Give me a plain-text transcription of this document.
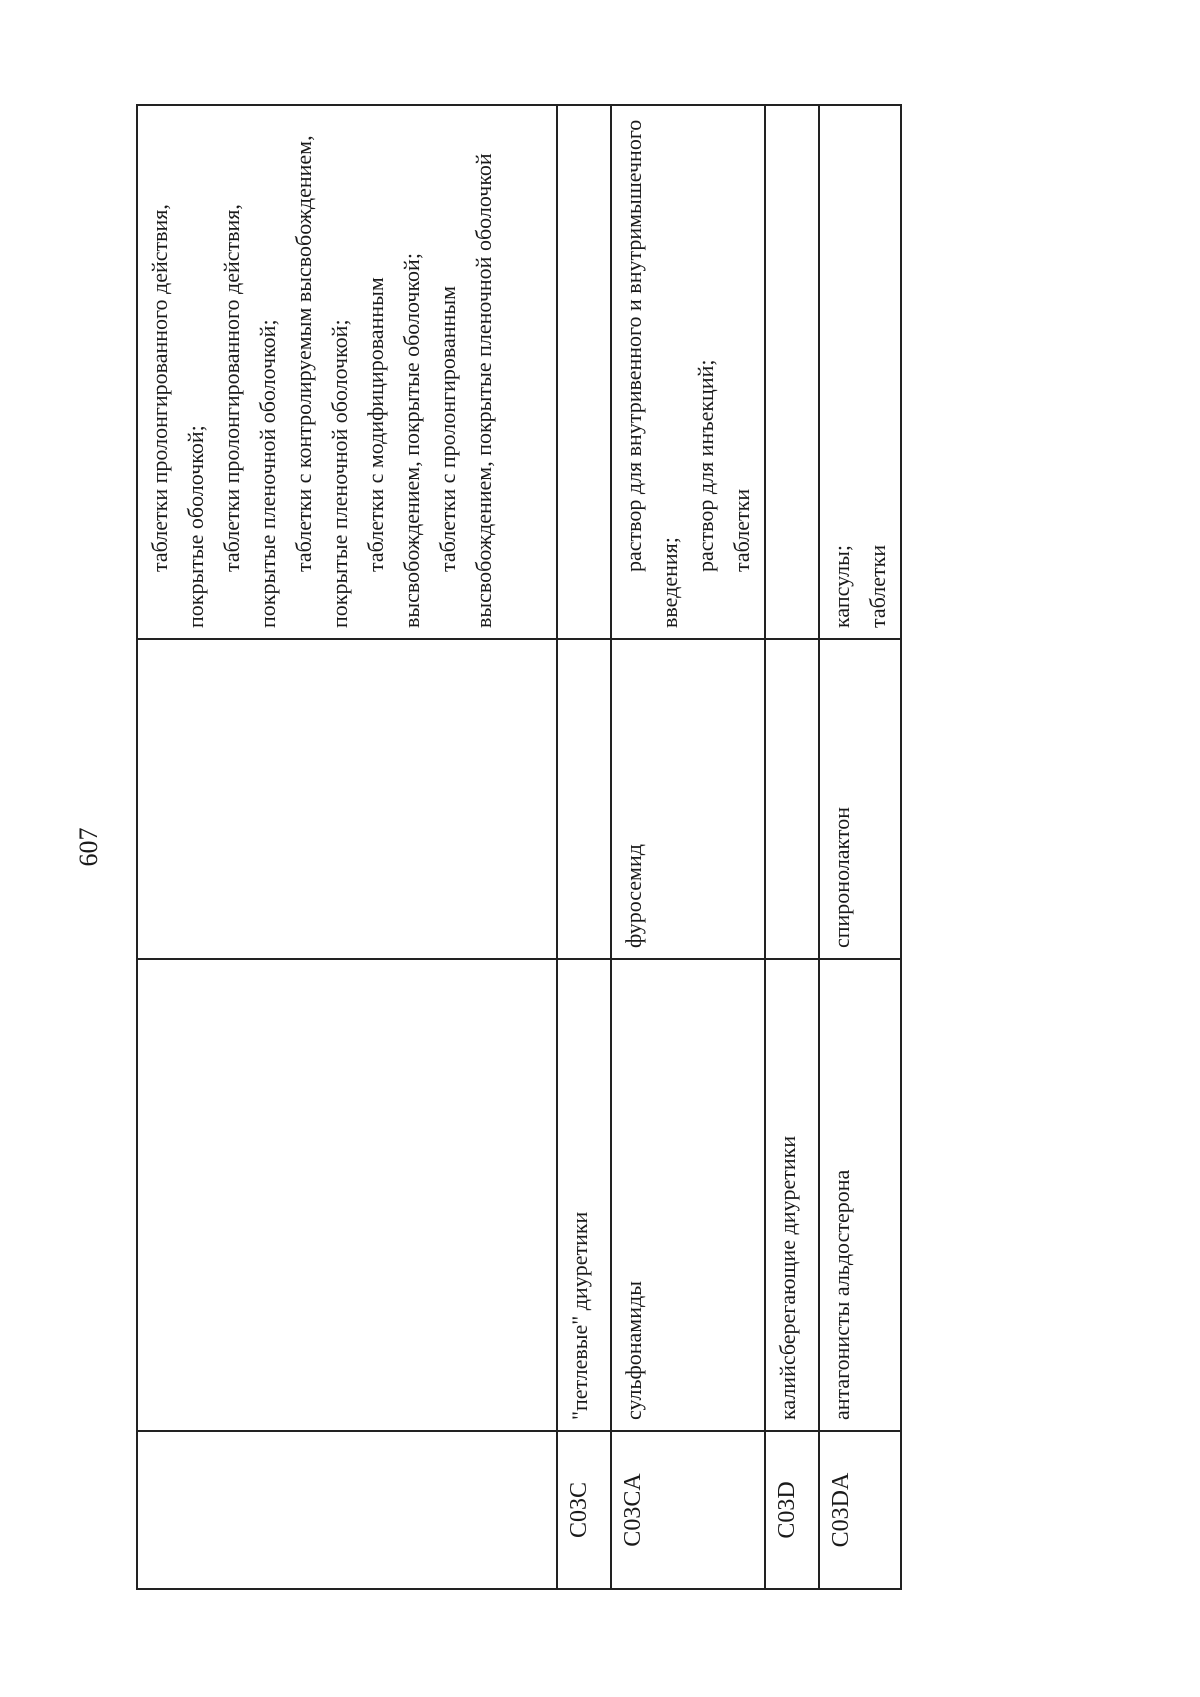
607

			таблетки пролонгированного действия, покрытые оболочкой; таблетки пролонгированного действия, покрытые пленочной оболочкой; таблетки с контролируемым высвобождением, покрытые пленочной оболочкой; таблетки с модифицированным высвобождением, покрытые оболочкой; таблетки с пролонгированным высвобождением, покрытые пленочной оболочкой

C03C	"петлевые" диуретики		
C03CA	сульфонамиды	фуросемид	раствор для внутривенного и внутримышечного введения;
раствор для инъекций; таблетки

C03D	калийсберегающие диуретики		
C03DA	антагонисты альдостерона	спиронолактон	капсулы; таблетки
